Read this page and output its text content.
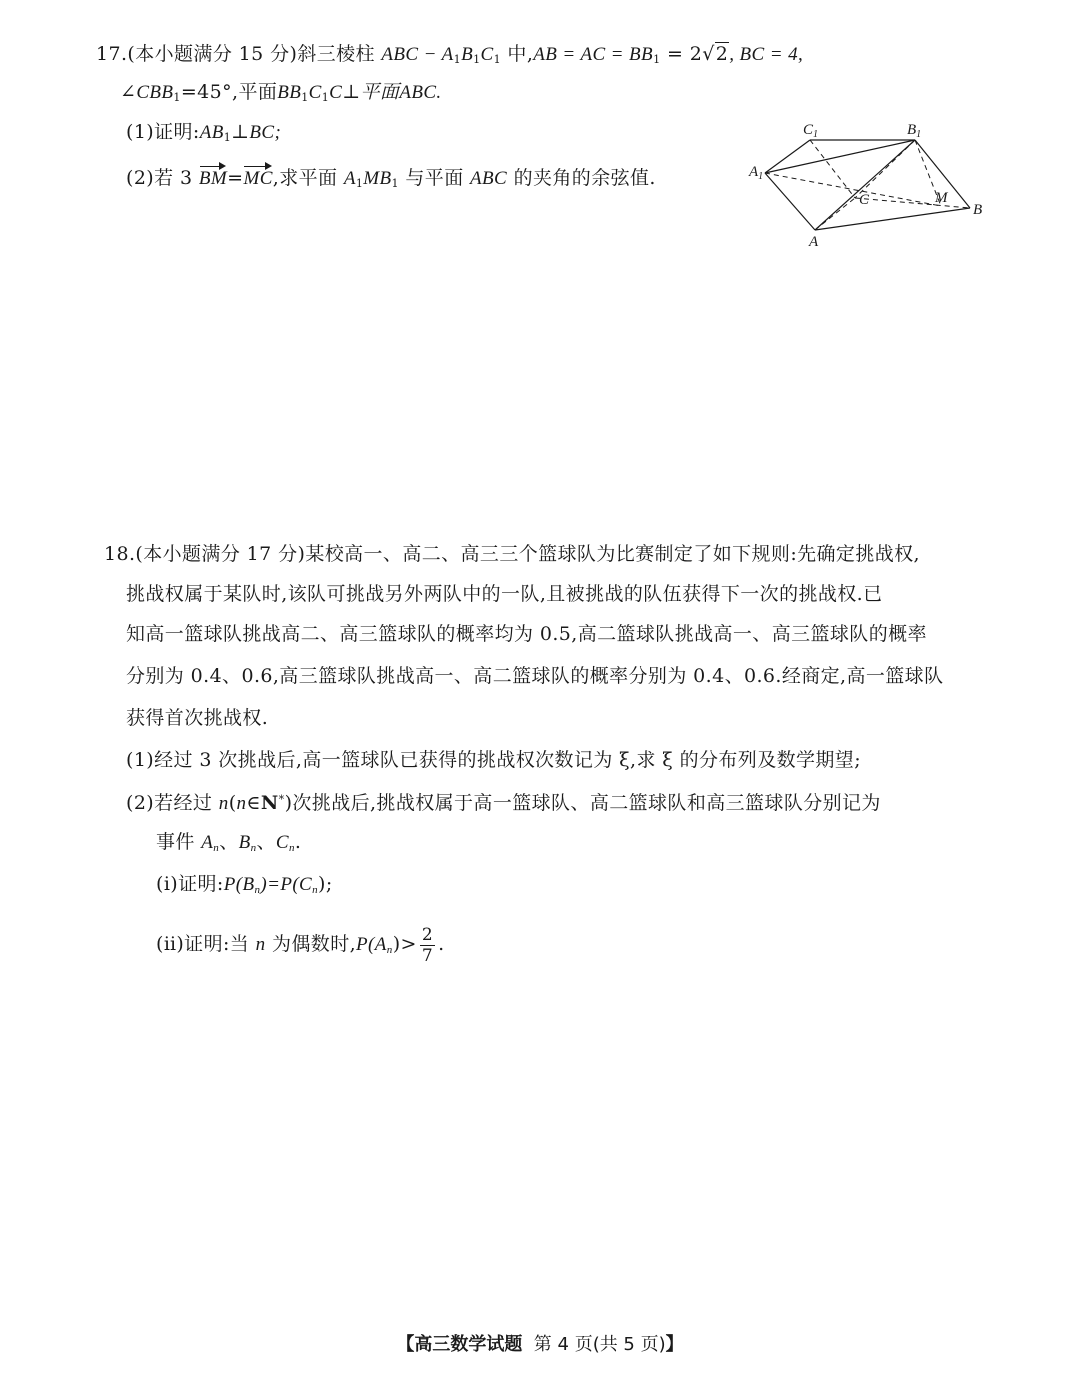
17.(本小题满分 15 分)斜三棱柱 ABC − $A_1B_1C_1$ 中,AB = AC = $BB_1 = 2√2$, BC = 4,
$\angle CBB_1=45^\circ$,平面$BB_1C_1C\perp$平面ABC.
(1)证明$:AB_1\perp BC$;
(2)若 3 BM=MC,求平面 $A_1MB_1$ 与平面 ABC 的夹角的余弦值.
$C_1$	$B_1$
$A_1$
C	M
B
A
18.(本小题满分 17 分)某校高一、高二、高三三个篮球队为比赛制定了如下规则:先确定挑战权,
挑战权属于某队时,该队可挑战另外两队中的一队,且被挑战的队伍获得下一次的挑战权.已
知高一篮球队挑战高二、高三篮球队的概率均为 0.5,高二篮球队挑战高一、高三篮球队的概率
分别为 0.4、0.6,高三篮球队挑战高一、高二篮球队的概率分别为 0.4、0.6.经商定,高一篮球队
获得首次挑战权.
(1)经过 3 次挑战后,高一篮球队已获得的挑战权次数记为 ξ,求 ξ 的分布列及数学期望;
(2)若经过 n(n∈N*)次挑战后,挑战权属于高一篮球队、高二篮球队和高三篮球队分别记为
事件 $A_n$、$B_n$、$C_n$.
(ⅰ)证明$:P(B_n)=P(C_n)$;
(ⅱ)证明:当 n 为偶数时$,P(A_n)> \frac{2}{7}$ .
【高三数学试题 第 4 页(共 5 页)】
